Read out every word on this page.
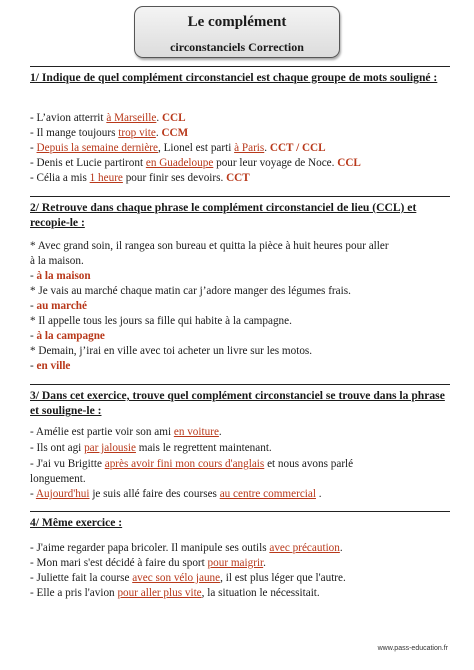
Le complément
circonstanciels Correction
1/ Indique de quel complément circonstanciel est chaque groupe de mots souligné :
- L’avion atterrit à Marseille. CCL
- Il mange toujours trop vite. CCM
- Depuis la semaine dernière, Lionel est parti à Paris. CCT / CCL
- Denis et Lucie partiront en Guadeloupe pour leur voyage de Noce. CCL
- Célia a mis 1 heure pour finir ses devoirs. CCT
2/ Retrouve dans chaque phrase le complément circonstanciel de lieu (CCL) et recopie-le :
* Avec grand soin, il rangea son bureau et quitta la pièce à huit heures pour aller
à la maison.
- à la maison
* Je vais au marché chaque matin car j’adore manger des légumes frais.
- au marché
* Il appelle tous les jours sa fille qui habite à la campagne.
- à la campagne
* Demain, j’irai en ville avec toi acheter un livre sur les motos.
- en ville
3/ Dans cet exercice, trouve quel complément circonstanciel se trouve dans la phrase et souligne-le :
- Amélie est partie voir son ami en voiture.
- Ils ont agi par jalousie mais le regrettent maintenant.
- J'ai vu Brigitte après avoir fini mon cours d'anglais et nous avons parlé
longuement.
- Aujourd'hui je suis allé faire des courses au centre commercial .
4/ Même exercice :
- J'aime regarder papa bricoler. Il manipule ses outils avec précaution.
- Mon mari s'est décidé à faire du sport pour maigrir.
- Juliette fait la course avec son vélo jaune, il est plus léger que l'autre.
- Elle a pris l'avion pour aller plus vite, la situation le nécessitait.
www.pass-education.fr
